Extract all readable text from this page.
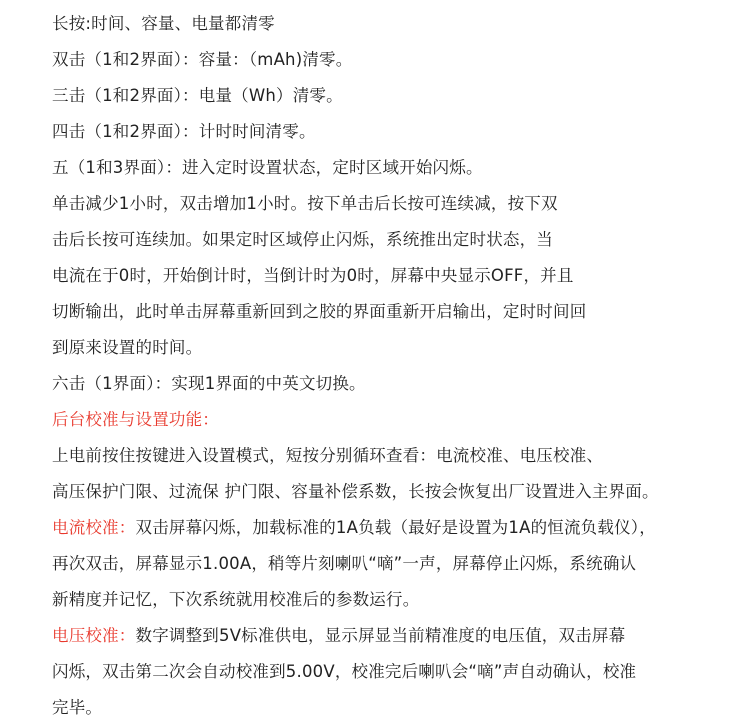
长按:时间、容量、电量都清零
双击（1和2界面）：容量：（mAh)清零。
三击（1和2界面）：电量（Wh）清零。
四击（1和2界面）：计时时间清零。
五（1和3界面）：进入定时设置状态，定时区域开始闪烁。
单击减少1小时，双击增加1小时。按下单击后长按可连续减，按下双
击后长按可连续加。如果定时区域停止闪烁，系统推出定时状态，当
电流在于0时，开始倒计时，当倒计时为0时，屏幕中央显示OFF，并且
切断输出，此时单击屏幕重新回到之胶的界面重新开启输出，定时时间回
到原来设置的时间。
六击（1界面）：实现1界面的中英文切换。
后台校准与设置功能：
上电前按住按键进入设置模式，短按分别循环查看：电流校准、电压校准、
高压保护门限、过流保 护门限、容量补偿系数，长按会恢复出厂设置进入主界面。
电流校准：双击屏幕闪烁，加载标准的1A负载（最好是设置为1A的恒流负载仪），
再次双击，屏幕显示1.00A，稍等片刻喇叭“嘀”一声，屏幕停止闪烁，系统确认
新精度并记忆，下次系统就用校准后的参数运行。
电压校准：数字调整到5V标准供电，显示屏显当前精准度的电压值，双击屏幕
闪烁，双击第二次会自动校准到5.00V，校准完后喇叭会“嘀”声自动确认，校准
完毕。
